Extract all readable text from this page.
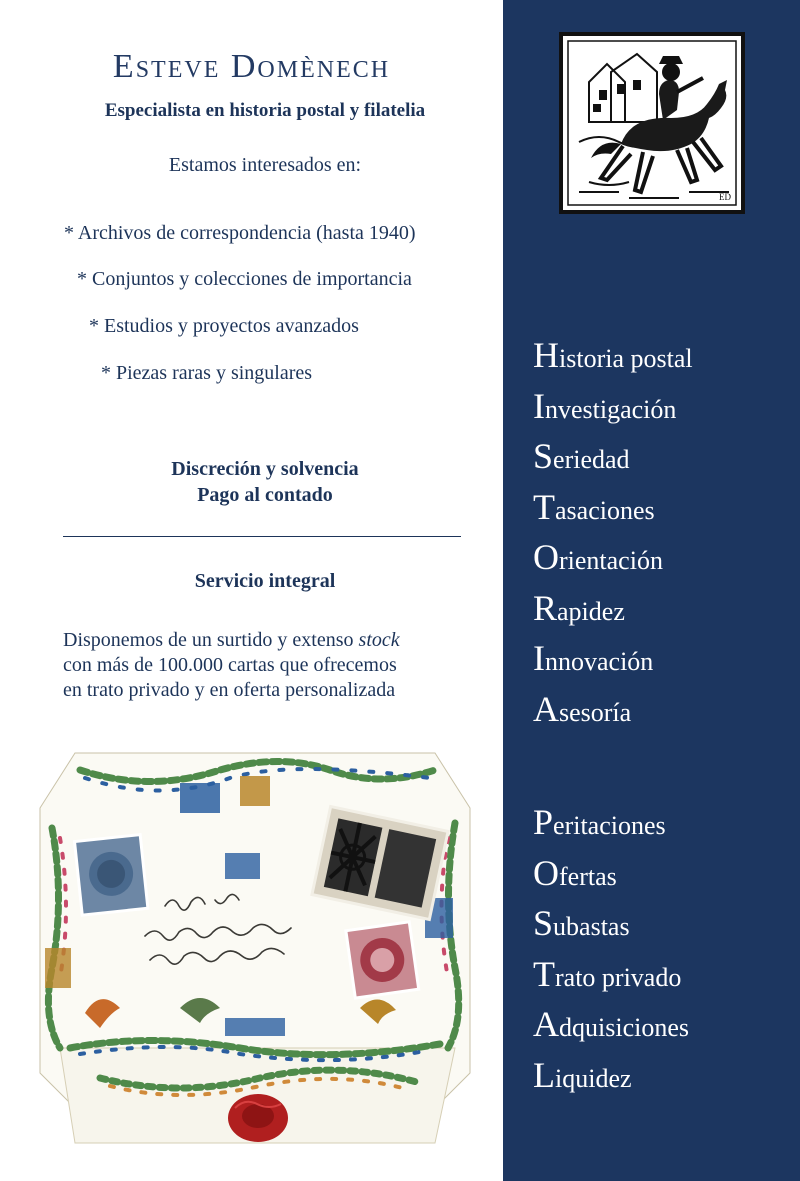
Esteve Domènech
Especialista en historia postal y filatelia
Estamos interesados en:
* Archivos de correspondencia (hasta 1940)
* Conjuntos y colecciones de importancia
* Estudios y proyectos avanzados
* Piezas raras y singulares
Discreción y solvencia
Pago al contado
Servicio integral
Disponemos de un surtido y extenso stock
con más de 100.000 cartas que ofrecemos
en trato privado y en oferta personalizada
ED
Historia postal
Investigación
Seriedad
Tasaciones
Orientación
Rapidez
Innovación
Asesoría
Peritaciones
Ofertas
Subastas
Trato privado
Adquisiciones
Liquidez
